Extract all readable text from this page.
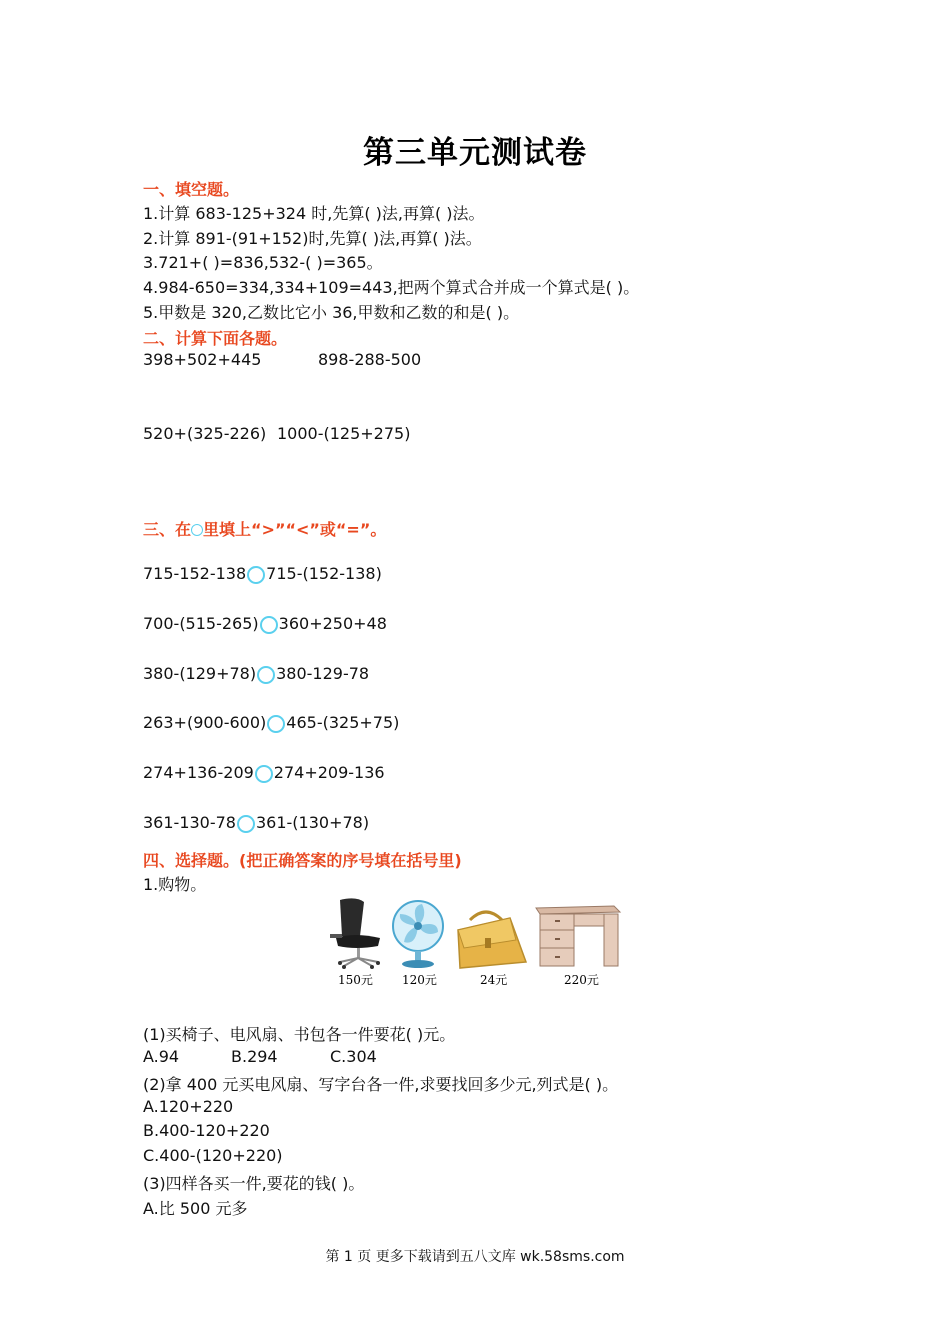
第三单元测试卷
一、填空题。
1.计算 683-125+324 时,先算( )法,再算( )法。
2.计算 891-(91+152)时,先算( )法,再算( )法。
3.721+( )=836,532-( )=365。
4.984-650=334,334+109=443,把两个算式合并成一个算式是( )。
5.甲数是 320,乙数比它小 36,甲数和乙数的和是( )。
二、计算下面各题。
398+502+445	898-288-500
520+(325-226) 1000-(125+275)
三、在 里填上“>”“<”或“=”。
715-152-138 715-(152-138)
700-(515-265) 360+250+48
380-(129+78) 380-129-78
263+(900-600) 465-(325+75)
274+136-209 274+209-136
361-130-78 361-(130+78)
四、选择题。(把正确答案的序号填在括号里)
1.购物。
150元 120元	24元	220元
(1)买椅子、电风扇、书包各一件要花( )元。
A.94	B.294	C.304
(2)拿 400 元买电风扇、写字台各一件,求要找回多少元,列式是( )。
A.120+220
B.400-120+220
C.400-(120+220)
(3)四样各买一件,要花的钱( )。
A.比 500 元多
第 1 页 更多下载请到五八文库 wk.58sms.com
